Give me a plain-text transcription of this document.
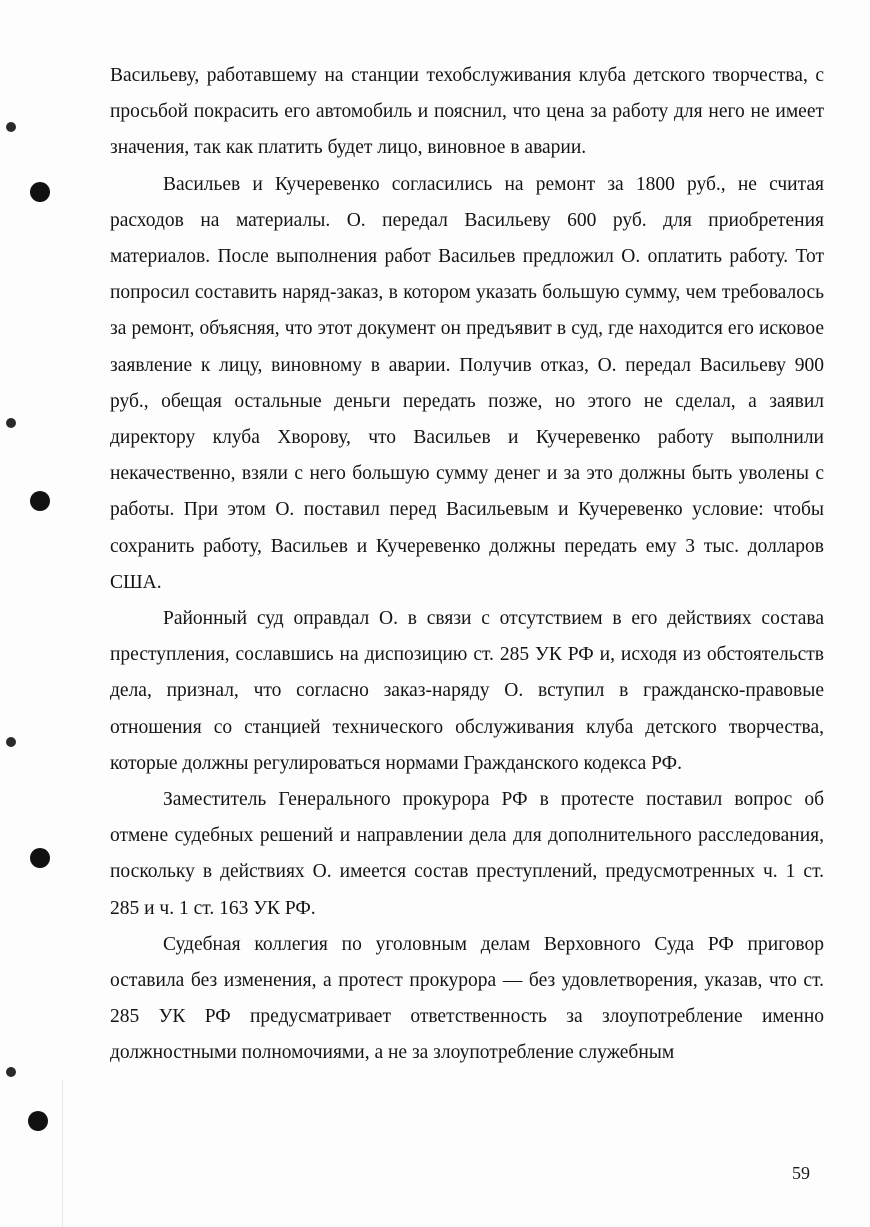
Васильеву, работавшему на станции техобслуживания клуба детского творчества, с просьбой покрасить его автомобиль и пояснил, что цена за работу для него не имеет значения, так как платить будет лицо, виновное в аварии.

Васильев и Кучеревенко согласились на ремонт за 1800 руб., не считая расходов на материалы. О. передал Васильеву 600 руб. для приобретения материалов. После выполнения работ Васильев предложил О. оплатить работу. Тот попросил составить наряд-заказ, в котором указать большую сумму, чем требовалось за ремонт, объясняя, что этот документ он предъявит в суд, где находится его исковое заявление к лицу, виновному в аварии. Получив отказ, О. передал Васильеву 900 руб., обещая остальные деньги передать позже, но этого не сделал, а заявил директору клуба Хворову, что Васильев и Кучеревенко работу выполнили некачественно, взяли с него большую сумму денег и за это должны быть уволены с работы. При этом О. поставил перед Васильевым и Кучеревенко условие: чтобы сохранить работу, Васильев и Кучеревенко должны передать ему 3 тыс. долларов США.

Районный суд оправдал О. в связи с отсутствием в его действиях состава преступления, сославшись на диспозицию ст. 285 УК РФ и, исходя из обстоятельств дела, признал, что согласно заказ-наряду О. вступил в гражданско-правовые отношения со станцией технического обслуживания клуба детского творчества, которые должны регулироваться нормами Гражданского кодекса РФ.

Заместитель Генерального прокурора РФ в протесте поставил вопрос об отмене судебных решений и направлении дела для дополнительного расследования, поскольку в действиях О. имеется состав преступлений, предусмотренных ч. 1 ст. 285 и ч. 1 ст. 163 УК РФ.

Судебная коллегия по уголовным делам Верховного Суда РФ приговор оставила без изменения, а протест прокурора — без удовлетворения, указав, что ст. 285 УК РФ предусматривает ответственность за злоупотребление именно должностными полномочиями, а не за злоупотребление служебным

59
